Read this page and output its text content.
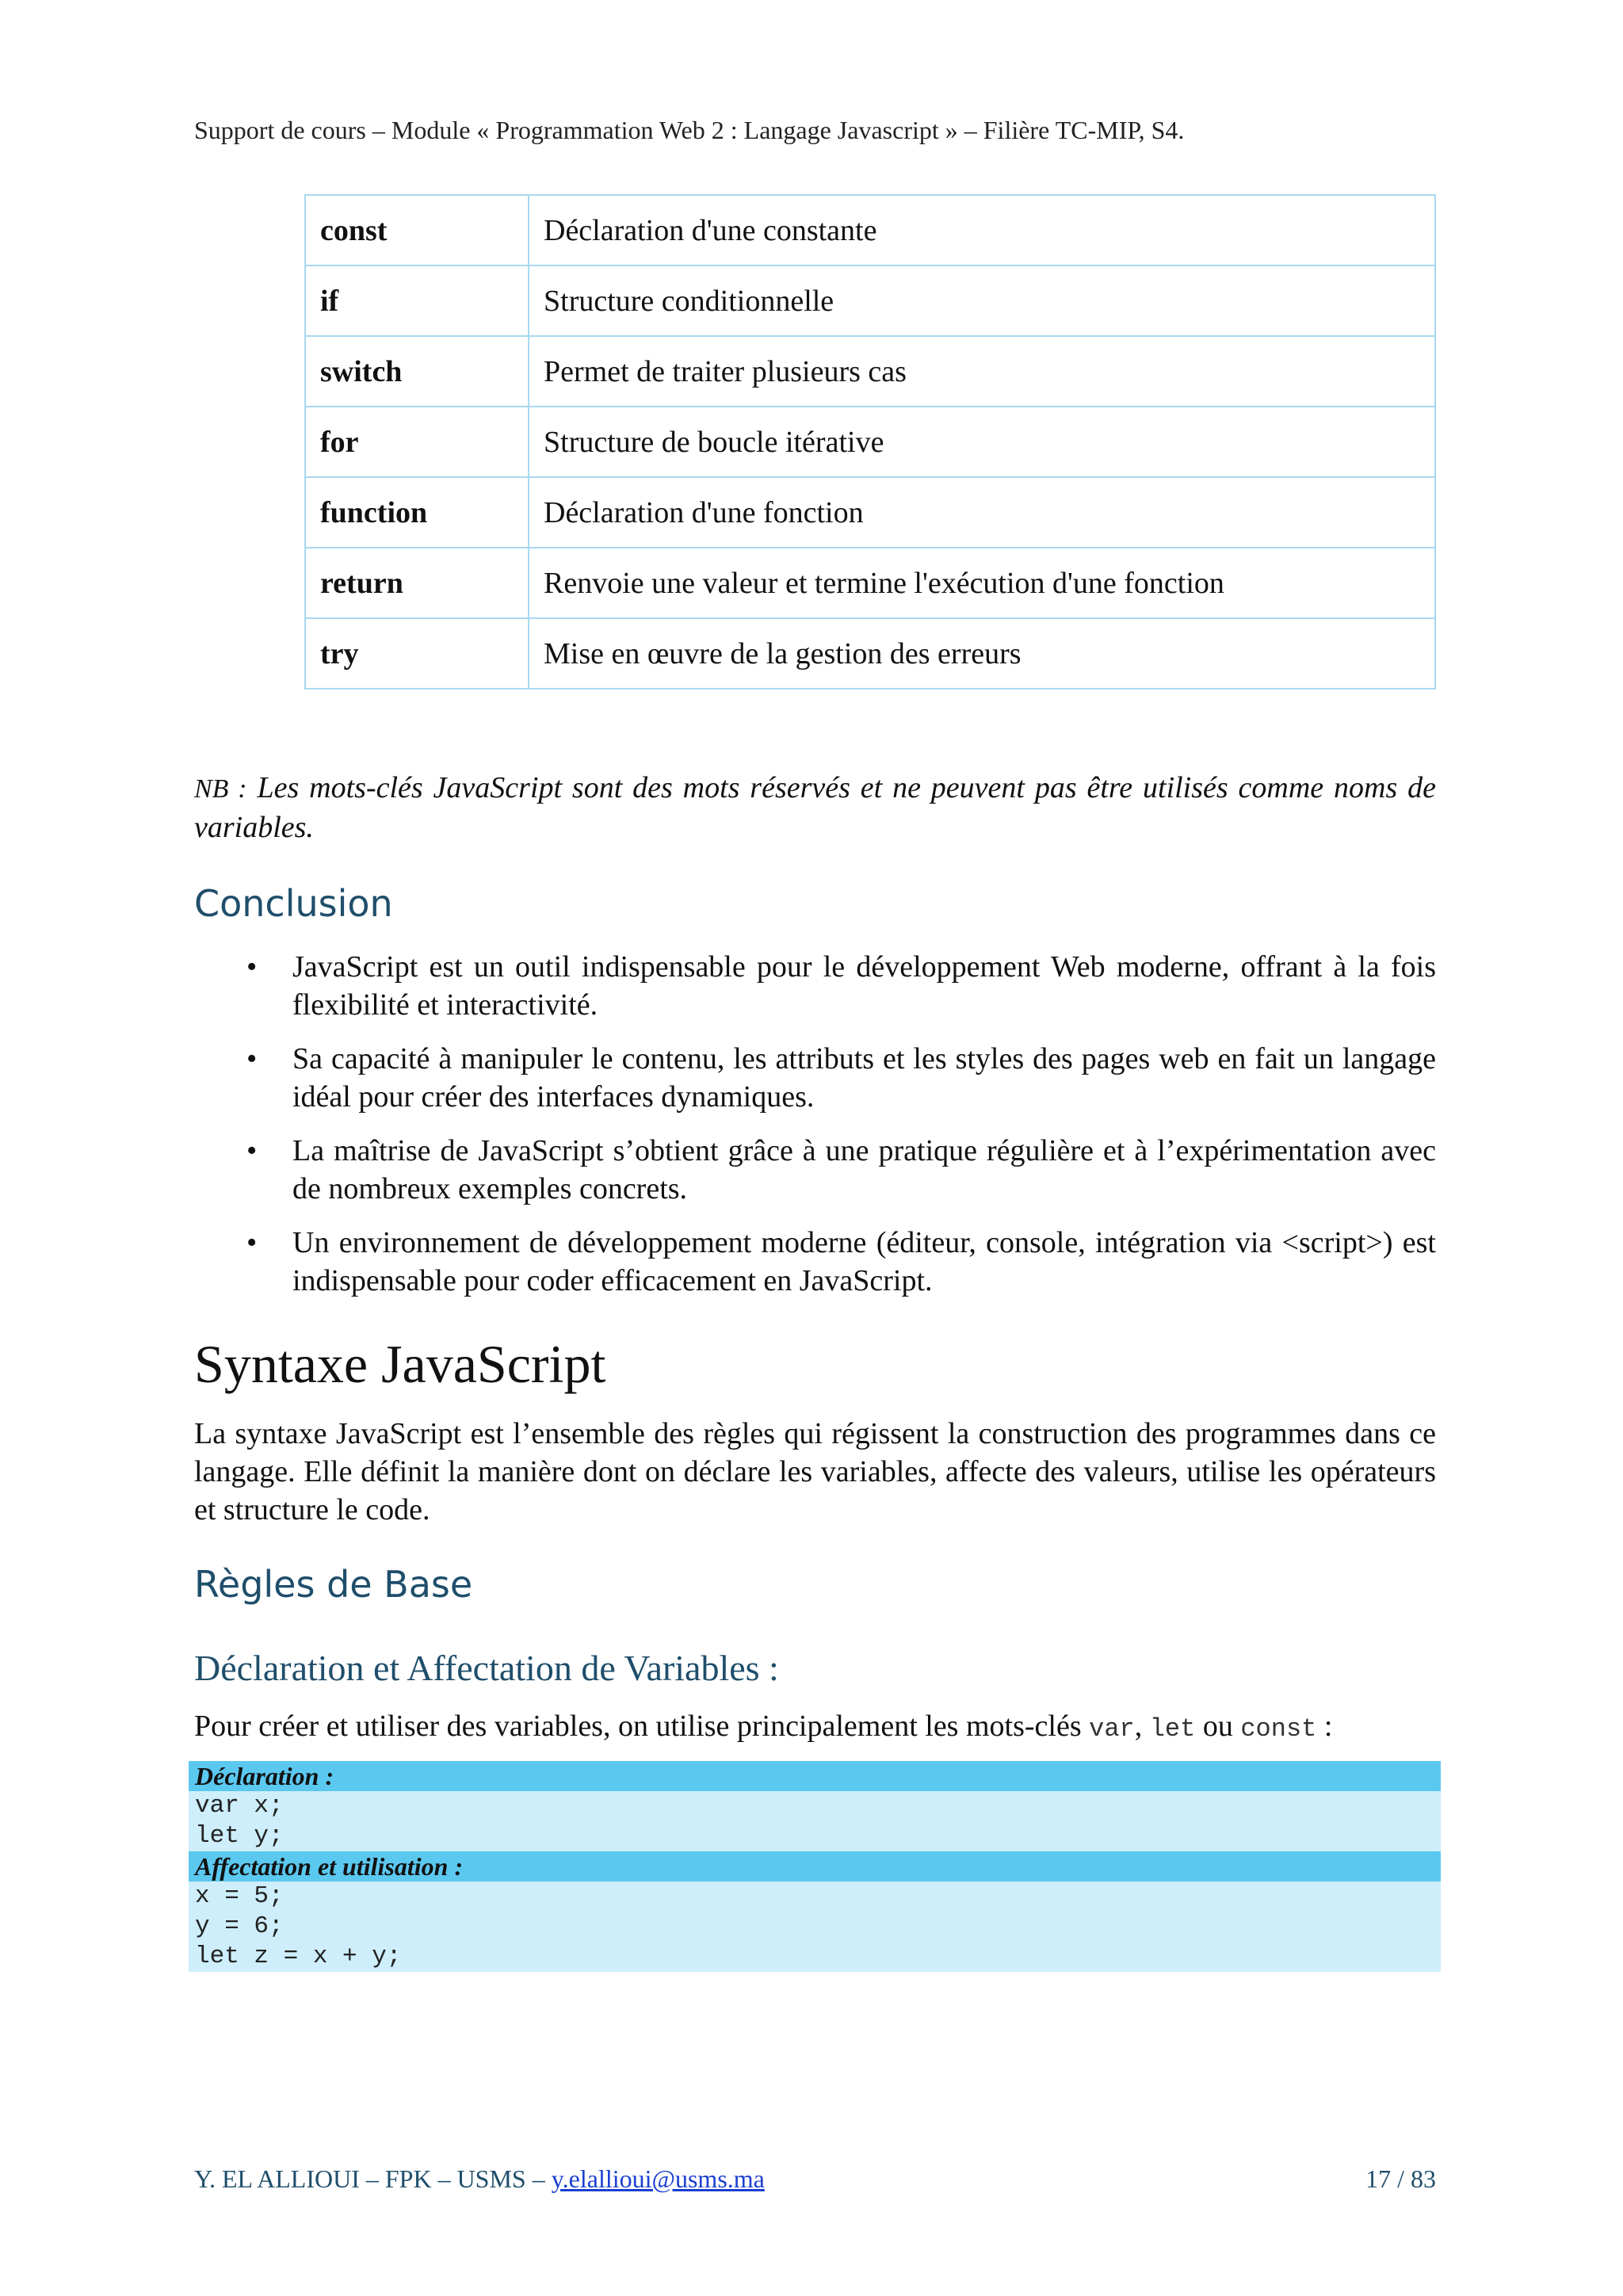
Support de cours – Module « Programmation Web 2 : Langage Javascript » – Filière TC-MIP, S4.
const	Déclaration d'une constante
if	Structure conditionnelle
switch	Permet de traiter plusieurs cas
for	Structure de boucle itérative
function	Déclaration d'une fonction
return	Renvoie une valeur et termine l'exécution d'une fonction
try	Mise en œuvre de la gestion des erreurs
NB : Les mots-clés JavaScript sont des mots réservés et ne peuvent pas être utilisés comme noms de variables.
Conclusion
• JavaScript est un outil indispensable pour le développement Web moderne, offrant à la fois flexibilité et interactivité.
• Sa capacité à manipuler le contenu, les attributs et les styles des pages web en fait un langage idéal pour créer des interfaces dynamiques.
• La maîtrise de JavaScript s’obtient grâce à une pratique régulière et à l’expérimentation avec de nombreux exemples concrets.
• Un environnement de développement moderne (éditeur, console, intégration via <script>) est indispensable pour coder efficacement en JavaScript.
Syntaxe JavaScript
La syntaxe JavaScript est l’ensemble des règles qui régissent la construction des programmes dans ce langage. Elle définit la manière dont on déclare les variables, affecte des valeurs, utilise les opérateurs et structure le code.
Règles de Base
Déclaration et Affectation de Variables :
Pour créer et utiliser des variables, on utilise principalement les mots-clés var, let ou const :
Déclaration :
var x;
let y;
Affectation et utilisation :
x = 5;
y = 6;
let z = x + y;
Y. EL ALLIOUI – FPK – USMS – y.elallioui@usms.ma	17 / 83
